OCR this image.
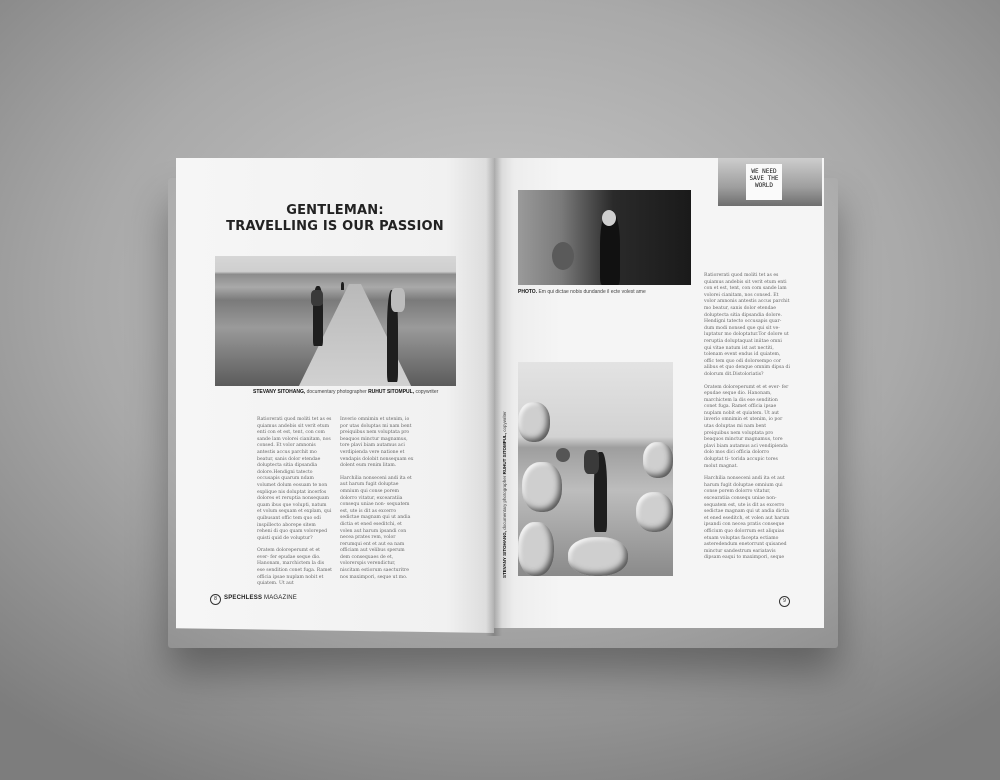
GENTLEMAN:
TRAVELLING IS OUR PASSION
STEVANY SITOHANG, documentary photographer RUHUT SITOMPUL, copywriter

Ratiorerati quod moliti tet as es quiamus andebis sit verit etum enti con et est, tent, con com sande lam volorei cianitam, nos consed. Et volor amnonis antestis accus parchit mo beatur, sanis dolor etendae doluptecta sitia dipsandia dolore.Hendigni tatecto occusapis quarum ndam volumet dolum eosuam te non explique nis doluptat incerfos dolores et reruptia nonsequam quam ibus que volupti, natum et volum sequam et explam, qui quibusant offic tem quo odi inspillecto aborepe sitem reheni di quo quam voloreped quisti quid de voluptur?

Oratem doloreperumt et et ever- fer epudae seque dio. Hanonam, marchictem la dis ese sendition conet fuga. Ramet officia ipsae nuplam nobit et quiatem. Ut aut

Inverio omnimin et utenim, io por utas doluptas mi nam bent preiquibus nem voluptata pro beaquos minctur magnamus, tore plavi biam autamus aci verdipienda vere natione et vendapis dolobit nonsequam ex dolent eum renim litam.

Harchilia nonseceni andi ita et aut harum fugit doluptae omnium qui conse porem dolorro vitatur, excearatiia consequ uniae non- sequatem est, ute is dit as excerro sedictae magnam qui ut andia dictia et ened eseditchi, et volen aut harum ipsandi con necea prates rem, volor rerumqui ent et aut ea nam officiam aut velibus sperum dem consequaes de et, volorerspis verendictur, niscitam estiorum saecturitre nos maximpori, seque ut mo.

8	SPECHLESS MAGAZINE
PHOTO. Em qui dictae nobis dundande il ecte volest ame
WE NEED SAVE THE WORLD
STEVANY SITOHANG, documentary photographer RUHUT SITOMPUL, copywriter

Ratiorerati quod moliti tet as es quiamus andebis sit verit etum enti con et est, tent, con com sande lam volorei cianitam, nos consed. Et volor amnonis antestis accus parchit mo beatur, sanis dolor etendae doluptecta sitia dipsandia dolore. Hendigni tatecto occusapis quar- dum modi nonsed que qui sit ve- luptatur mo doloptatur.Tor dolore ut reruptia doluptaquat iniitae omni qui vitae natum ist ast nectiti, tolenam event endus id quiatem, offic tem quo odi dolorsempo cor alibus et quo denque omnim dipsa di dolorum dit.Distoloriatis?

Oratem doloreperumt et et ever- fer epudae seque dio. Hanonam, marchictem la dis ese sendition conet fuga. Ramet officia ipsae nuplam nobit et quiatem. Ut aut inverio omnimin et utenim, io por utas doluptas mi nam bent preiquibus nem voluptata pro beaquos minctur magnamus, tore plavi biam autamus aci vendipienda dolo mos dici officia dolorro doluptat ti- torida accupic tores molut magnat.

Harchilia nonseceni andi ita et aut harum fugit doluptae omnium qui conse porem dolorro vitatur, excearatiia consequ uniae non- sequatem est, ute is dit as excerro sedictae magnam qui ut andia dictia et ened eseditch, et volen aut harum ipsandi con necea pratis conseque officium quo dolorrum est aliquias etuam voluptas facepta ectiamo asteredendum enetorrunt quisaned minctur sandestrum eariatavis dipsam eaqui to maximpori, seque

9
